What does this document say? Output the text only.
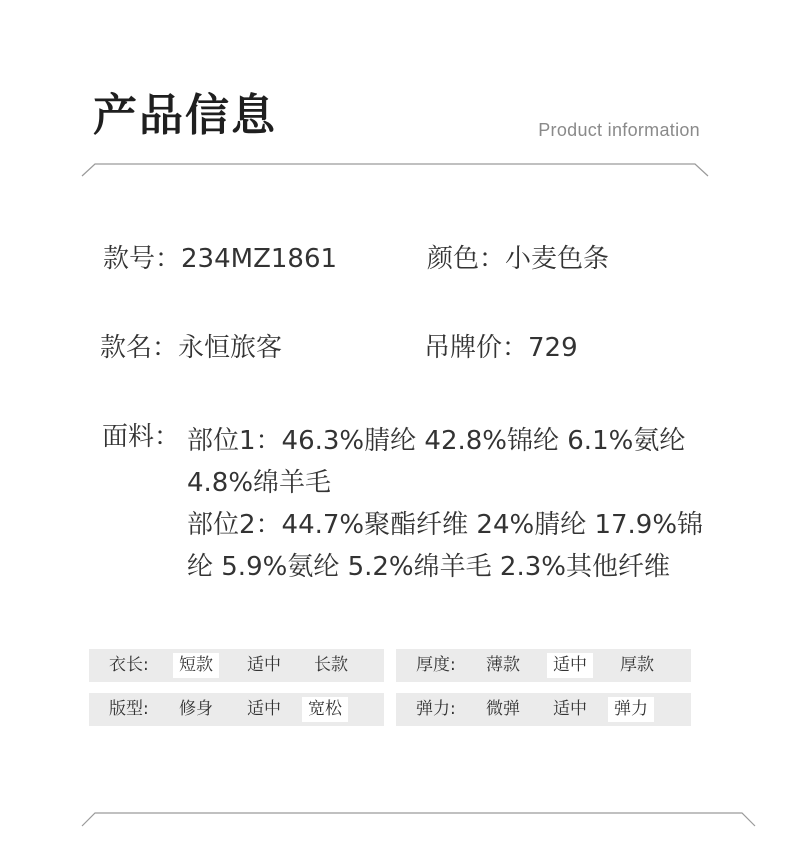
产品信息	Product information
款号：234MZ1861	颜色：小麦色条
款名：永恒旅客	吊牌价：729
面料： 部位1：46.3%腈纶 42.8%锦纶 6.1%氨纶
4.8%绵羊毛
部位2：44.7%聚酯纤维 24%腈纶 17.9%锦
纶 5.9%氨纶 5.2%绵羊毛 2.3%其他纤维
衣长:	短款	适中	长款	厚度:	薄款	适中	厚款
版型:	修身	适中	宽松	弹力:	微弹	适中	弹力
